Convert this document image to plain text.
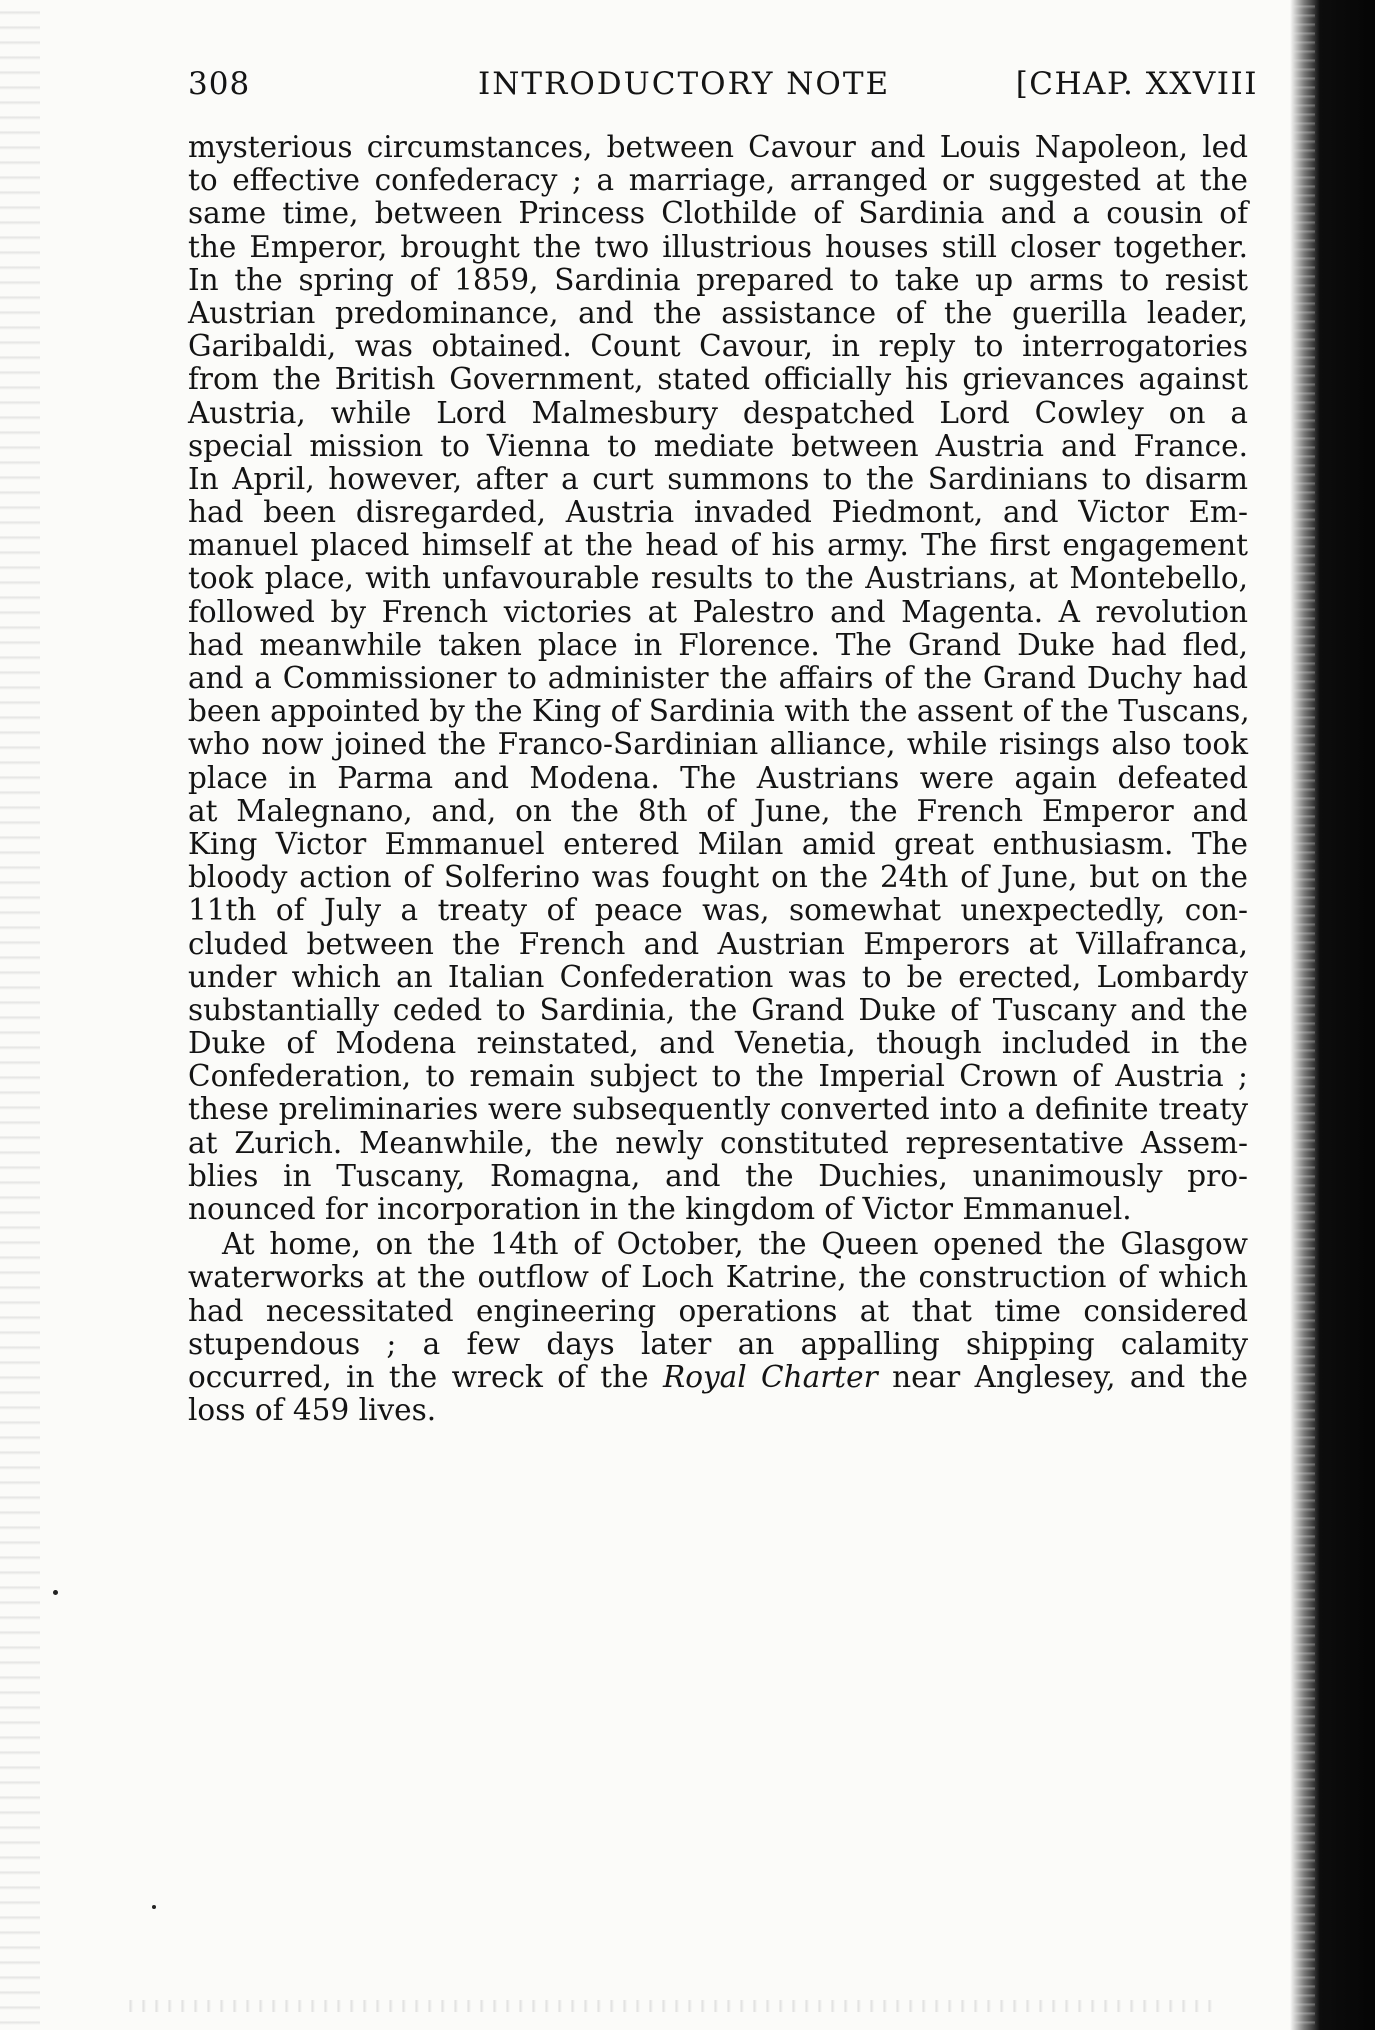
308	INTRODUCTORY NOTE	[CHAP. XXVIII
mysterious circumstances, between Cavour and Louis Napoleon, led
to effective confederacy ; a marriage, arranged or suggested at the
same time, between Princess Clothilde of Sardinia and a cousin of
the Emperor, brought the two illustrious houses still closer together.
In the spring of 1859, Sardinia prepared to take up arms to resist
Austrian predominance, and the assistance of the guerilla leader,
Garibaldi, was obtained. Count Cavour, in reply to interrogatories
from the British Government, stated officially his grievances against
Austria, while Lord Malmesbury despatched Lord Cowley on a
special mission to Vienna to mediate between Austria and France.
In April, however, after a curt summons to the Sardinians to disarm
had been disregarded, Austria invaded Piedmont, and Victor Em-
manuel placed himself at the head of his army. The first engagement
took place, with unfavourable results to the Austrians, at Montebello,
followed by French victories at Palestro and Magenta. A revolution
had meanwhile taken place in Florence. The Grand Duke had fled,
and a Commissioner to administer the affairs of the Grand Duchy had
been appointed by the King of Sardinia with the assent of the Tuscans,
who now joined the Franco-Sardinian alliance, while risings also took
place in Parma and Modena. The Austrians were again defeated
at Malegnano, and, on the 8th of June, the French Emperor and
King Victor Emmanuel entered Milan amid great enthusiasm. The
bloody action of Solferino was fought on the 24th of June, but on the
11th of July a treaty of peace was, somewhat unexpectedly, con-
cluded between the French and Austrian Emperors at Villafranca,
under which an Italian Confederation was to be erected, Lombardy
substantially ceded to Sardinia, the Grand Duke of Tuscany and the
Duke of Modena reinstated, and Venetia, though included in the
Confederation, to remain subject to the Imperial Crown of Austria ;
these preliminaries were subsequently converted into a definite treaty
at Zurich. Meanwhile, the newly constituted representative Assem-
blies in Tuscany, Romagna, and the Duchies, unanimously pro-
nounced for incorporation in the kingdom of Victor Emmanuel.
At home, on the 14th of October, the Queen opened the Glasgow
waterworks at the outflow of Loch Katrine, the construction of which
had necessitated engineering operations at that time considered
stupendous ; a few days later an appalling shipping calamity
occurred, in the wreck of the Royal Charter near Anglesey, and the
loss of 459 lives.
